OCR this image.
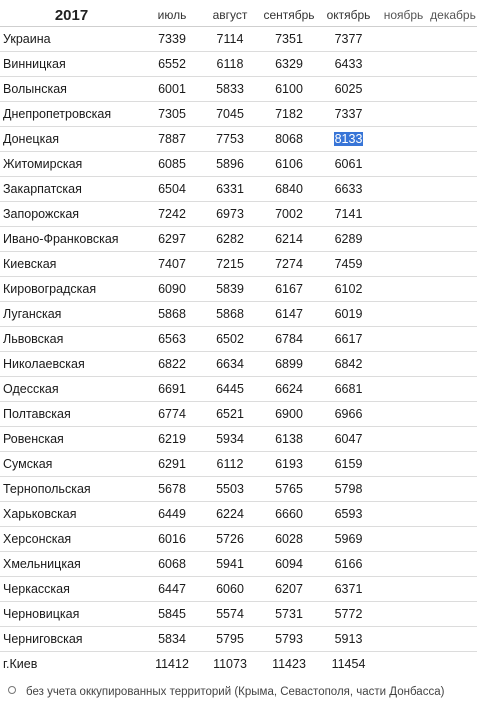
2017	июль	август	сентябрь	октябрь	ноябрь	декабрь
Украина	7339	7114	7351	7377		
Винницкая	6552	6118	6329	6433		
Волынская	6001	5833	6100	6025		
Днепропетровская	7305	7045	7182	7337		
Донецкая	7887	7753	8068	8133		
Житомирская	6085	5896	6106	6061		
Закарпатская	6504	6331	6840	6633		
Запорожская	7242	6973	7002	7141		
Ивано-Франковская	6297	6282	6214	6289		
Киевская	7407	7215	7274	7459		
Кировоградская	6090	5839	6167	6102		
Луганская	5868	5868	6147	6019		
Львовская	6563	6502	6784	6617		
Николаевская	6822	6634	6899	6842		
Одесская	6691	6445	6624	6681		
Полтавская	6774	6521	6900	6966		
Ровенская	6219	5934	6138	6047		
Сумская	6291	6112	6193	6159		
Тернопольская	5678	5503	5765	5798		
Харьковская	6449	6224	6660	6593		
Херсонская	6016	5726	6028	5969		
Хмельницкая	6068	5941	6094	6166		
Черкасская	6447	6060	6207	6371		
Черновицкая	5845	5574	5731	5772		
Черниговская	5834	5795	5793	5913		
г.Киев	11412	11073	11423	11454		
без учета оккупированных территорий (Крыма, Севастополя, части Донбасса)
